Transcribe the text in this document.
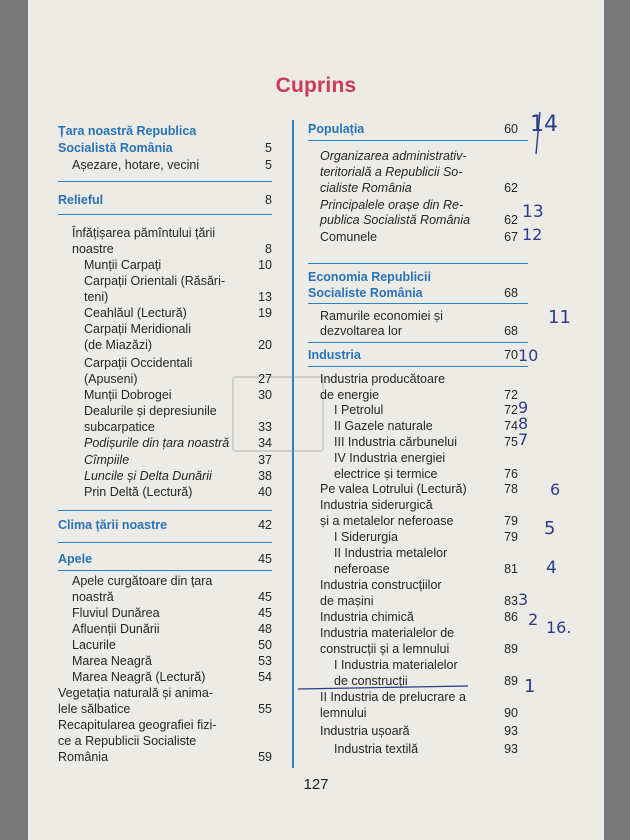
Cuprins
Țara noastră Republica
Socialistă România	5
Așezare, hotare, vecini	5
Relieful	8
Înfățișarea pămîntului țării
noastre	8
Munții Carpați	10
Carpații Orientali (Răsări-
teni)	13
Ceahlăul (Lectură)	19
Carpații Meridionali
(de Miazăzi)	20
Carpații Occidentali
(Apuseni)	27
Munții Dobrogei	30
Dealurile și depresiunile
subcarpatice	33
Podișurile din țara noastră	34
Cîmpiile	37
Luncile și Delta Dunării	38
Prin Deltă (Lectură)	40
Clima țării noastre	42
Apele	45
Apele curgătoare din țara
noastră	45
Fluviul Dunărea	45
Afluenții Dunării	48
Lacurile	50
Marea Neagră	53
Marea Neagră (Lectură)	54
Vegetația naturală și anima-
lele sălbatice	55
Recapitularea geografiei fizi-
ce a Republicii Socialiste
România	59
Populația	60
Organizarea administrativ-
teritorială a Republicii So-
cialiste România	62
Principalele orașe din Re-
publica Socialistă România	62
Comunele	67
Economia Republicii
Socialiste România	68
Ramurile economiei și
dezvoltarea lor	68
Industria	70
Industria producătoare
de energie	72
I Petrolul	72
II Gazele naturale	74
III Industria cărbunelui	75
IV Industria energiei
electrice și termice	76
Pe valea Lotrului (Lectură)	78
Industria siderurgică
și a metalelor neferoase	79
I Siderurgia	79
II Industria metalelor
neferoase	81
Industria construcțiilor
de mașini	83
Industria chimică	86
Industria materialelor de
construcții și a lemnului	89
I Industria materialelor
de construcții	89
II Industria de prelucrare a
lemnului	90
Industria ușoară	93
Industria textilă	93
14
13
12
11
10
9
8
7
6
5
4
3
2
1
16.
127
